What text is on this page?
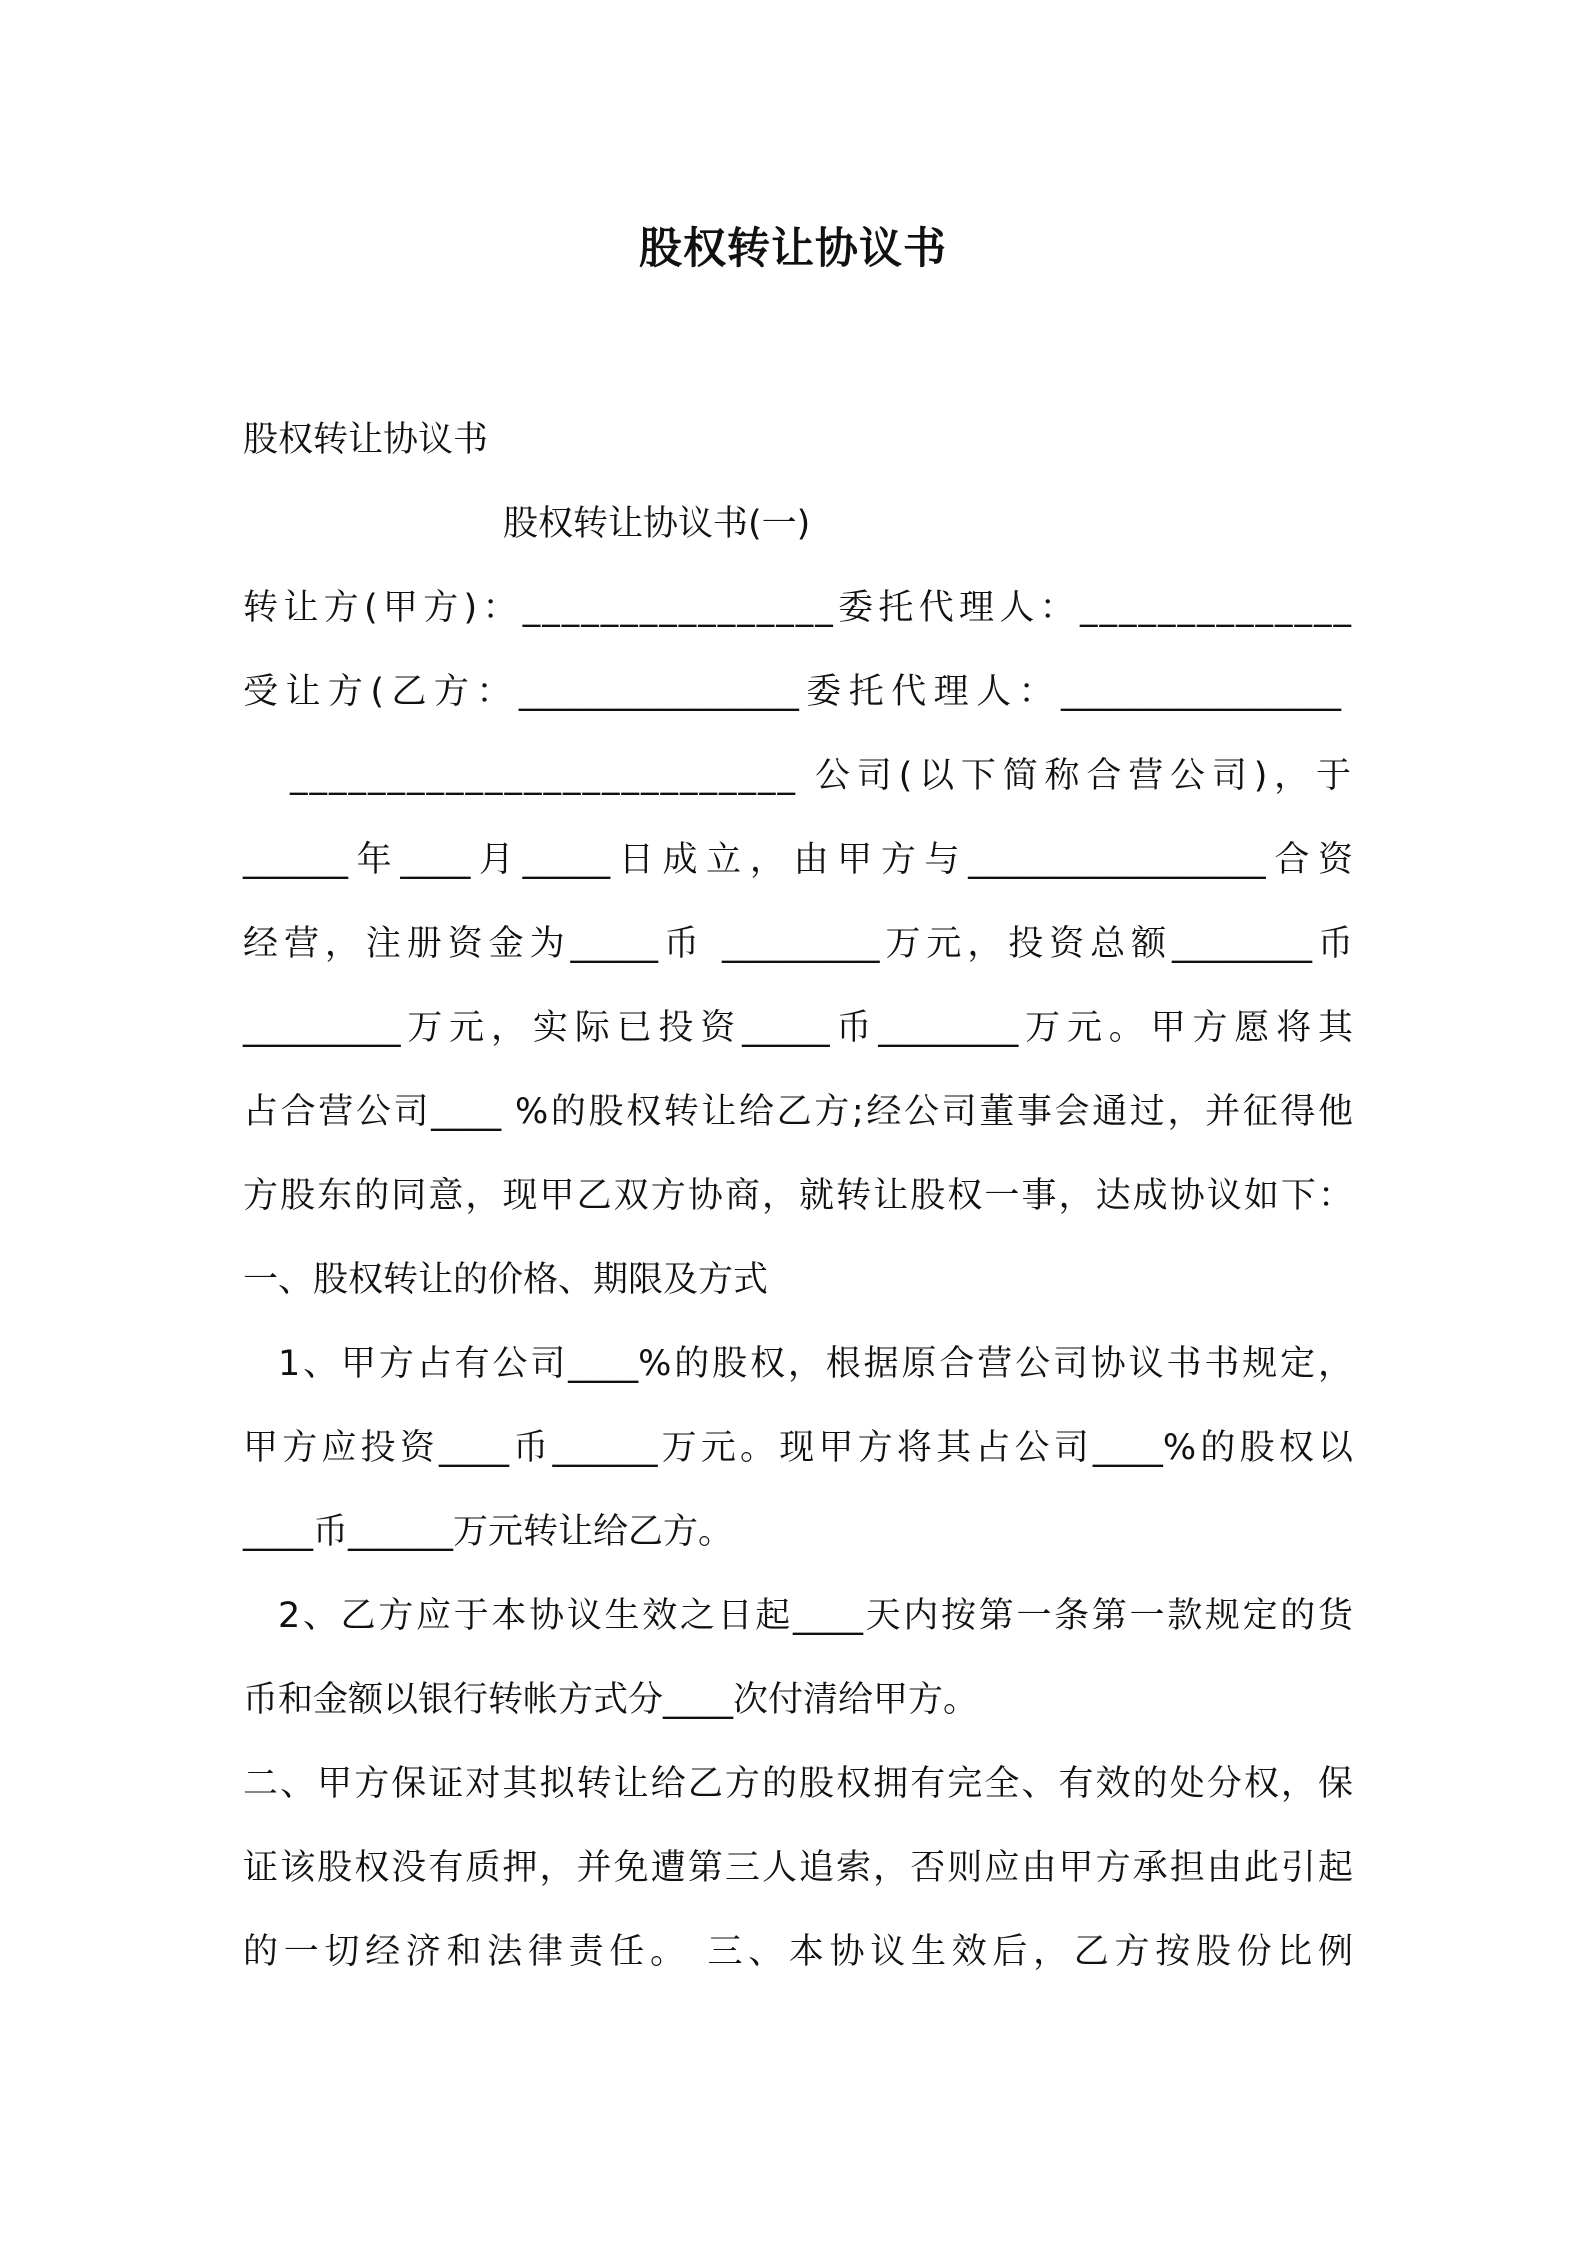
股权转让协议书
股权转让协议书
股权转让协议书(一)
转让方(甲方)：________________委托代理人：______________
受让方(乙方：________________委托代理人：________________
__________________________ 公司(以下简称合营公司)，于
______年____月_____日成立，由甲方与_________________合资
经营，注册资金为_____币 _________万元，投资总额________币
_________万元，实际已投资_____币________万元。甲方愿将其
占合营公司____ %的股权转让给乙方;经公司董事会通过，并征得他
方股东的同意，现甲乙双方协商，就转让股权一事，达成协议如下：
一、股权转让的价格、期限及方式
1、甲方占有公司____%的股权，根据原合营公司协议书书规定，
甲方应投资____币______万元。现甲方将其占公司____%的股权以
____币______万元转让给乙方。
2、乙方应于本协议生效之日起____天内按第一条第一款规定的货
币和金额以银行转帐方式分____次付清给甲方。
二、甲方保证对其拟转让给乙方的股权拥有完全、有效的处分权，保
证该股权没有质押，并免遭第三人追索，否则应由甲方承担由此引起
的一切经济和法律责任。 三、本协议生效后，乙方按股份比例
